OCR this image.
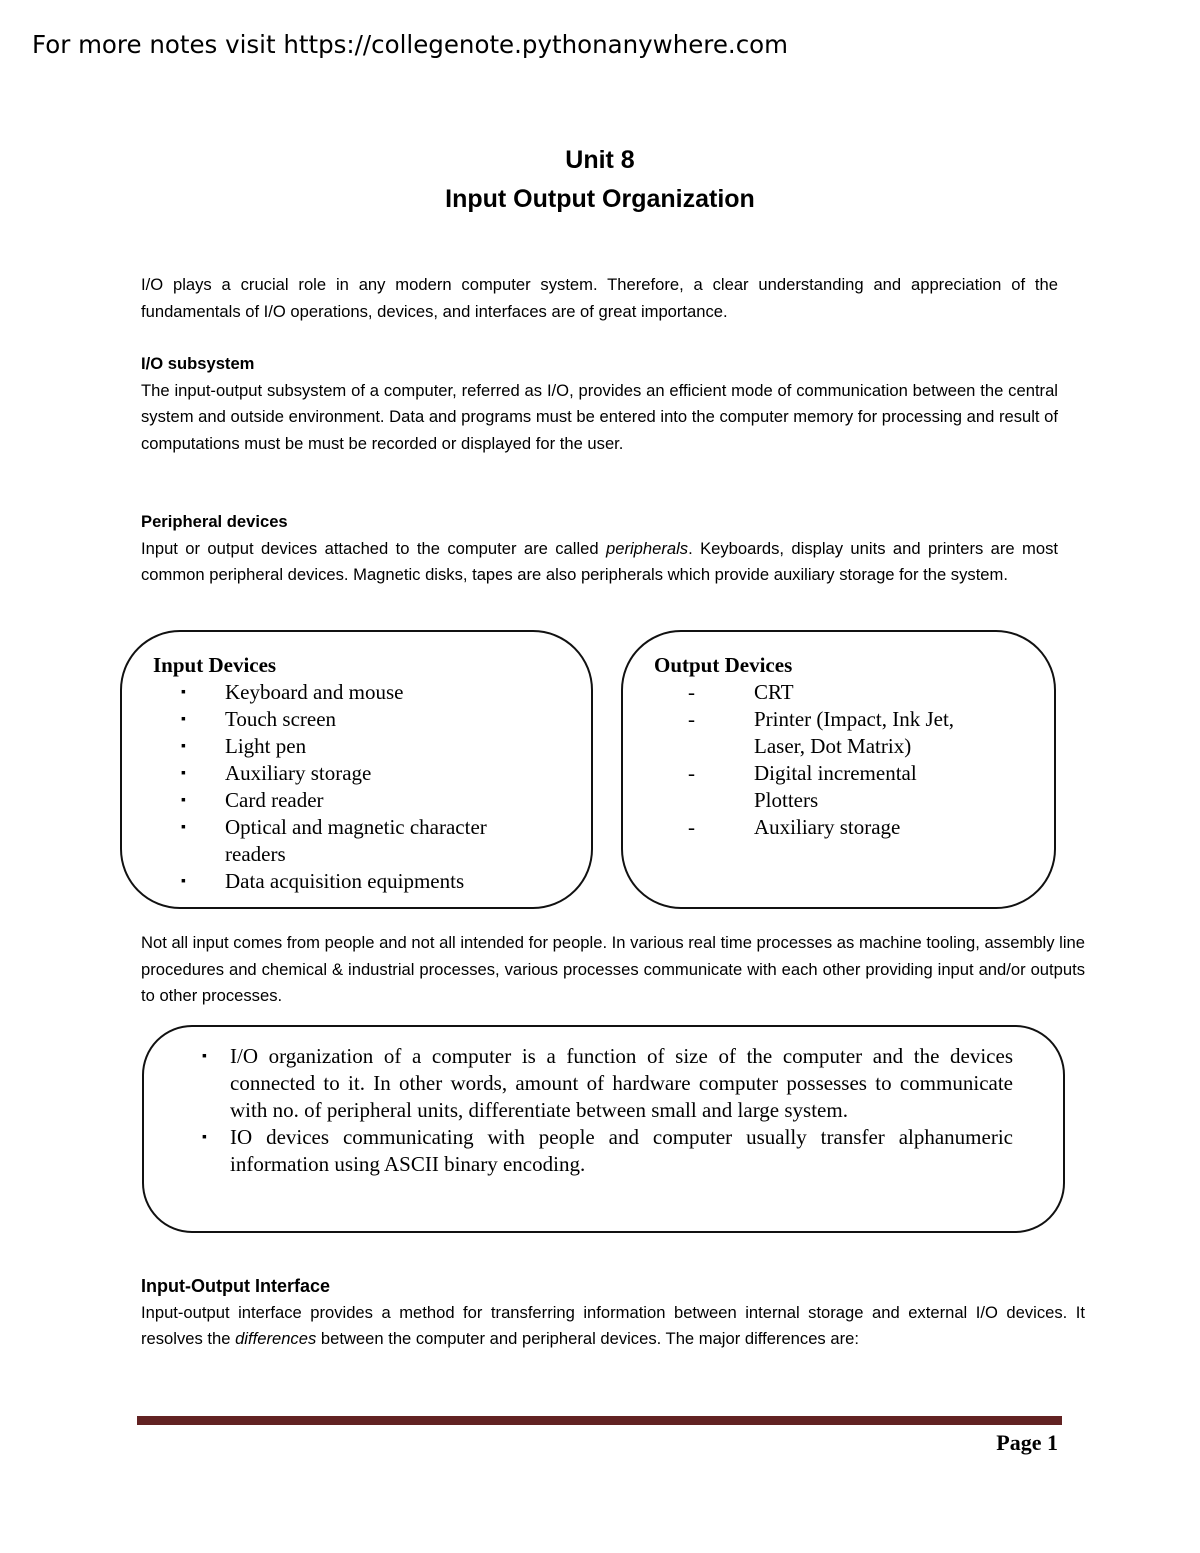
For more notes visit https://collegenote.pythonanywhere.com
Unit 8
Input Output Organization
I/O plays a crucial role in any modern computer system. Therefore, a clear understanding and appreciation of the fundamentals of I/O operations, devices, and interfaces are of great importance.
I/O subsystem
The input-output subsystem of a computer, referred as I/O, provides an efficient mode of communication between the central system and outside environment. Data and programs must be entered into the computer memory for processing and result of computations must be must be recorded or displayed for the user.
Peripheral devices
Input or output devices attached to the computer are called peripherals. Keyboards, display units and printers are most common peripheral devices. Magnetic disks, tapes are also peripherals which provide auxiliary storage for the system.
Input Devices
▪ Keyboard and mouse
▪ Touch screen
▪ Light pen
▪ Auxiliary storage
▪ Card reader
▪ Optical and magnetic character readers
▪ Data acquisition equipments
Output Devices
-	CRT
-	Printer (Impact, Ink Jet, Laser, Dot Matrix)
-	Digital incremental Plotters
-	Auxiliary storage
Not all input comes from people and not all intended for people. In various real time processes as machine tooling, assembly line procedures and chemical & industrial processes, various processes communicate with each other providing input and/or outputs to other processes.
▪ I/O organization of a computer is a function of size of the computer and the devices connected to it. In other words, amount of hardware computer possesses to communicate with no. of peripheral units, differentiate between small and large system.
▪ IO devices communicating with people and computer usually transfer alphanumeric information using ASCII binary encoding.
Input-Output Interface
Input-output interface provides a method for transferring information between internal storage and external I/O devices. It resolves the differences between the computer and peripheral devices. The major differences are:
Page 1
